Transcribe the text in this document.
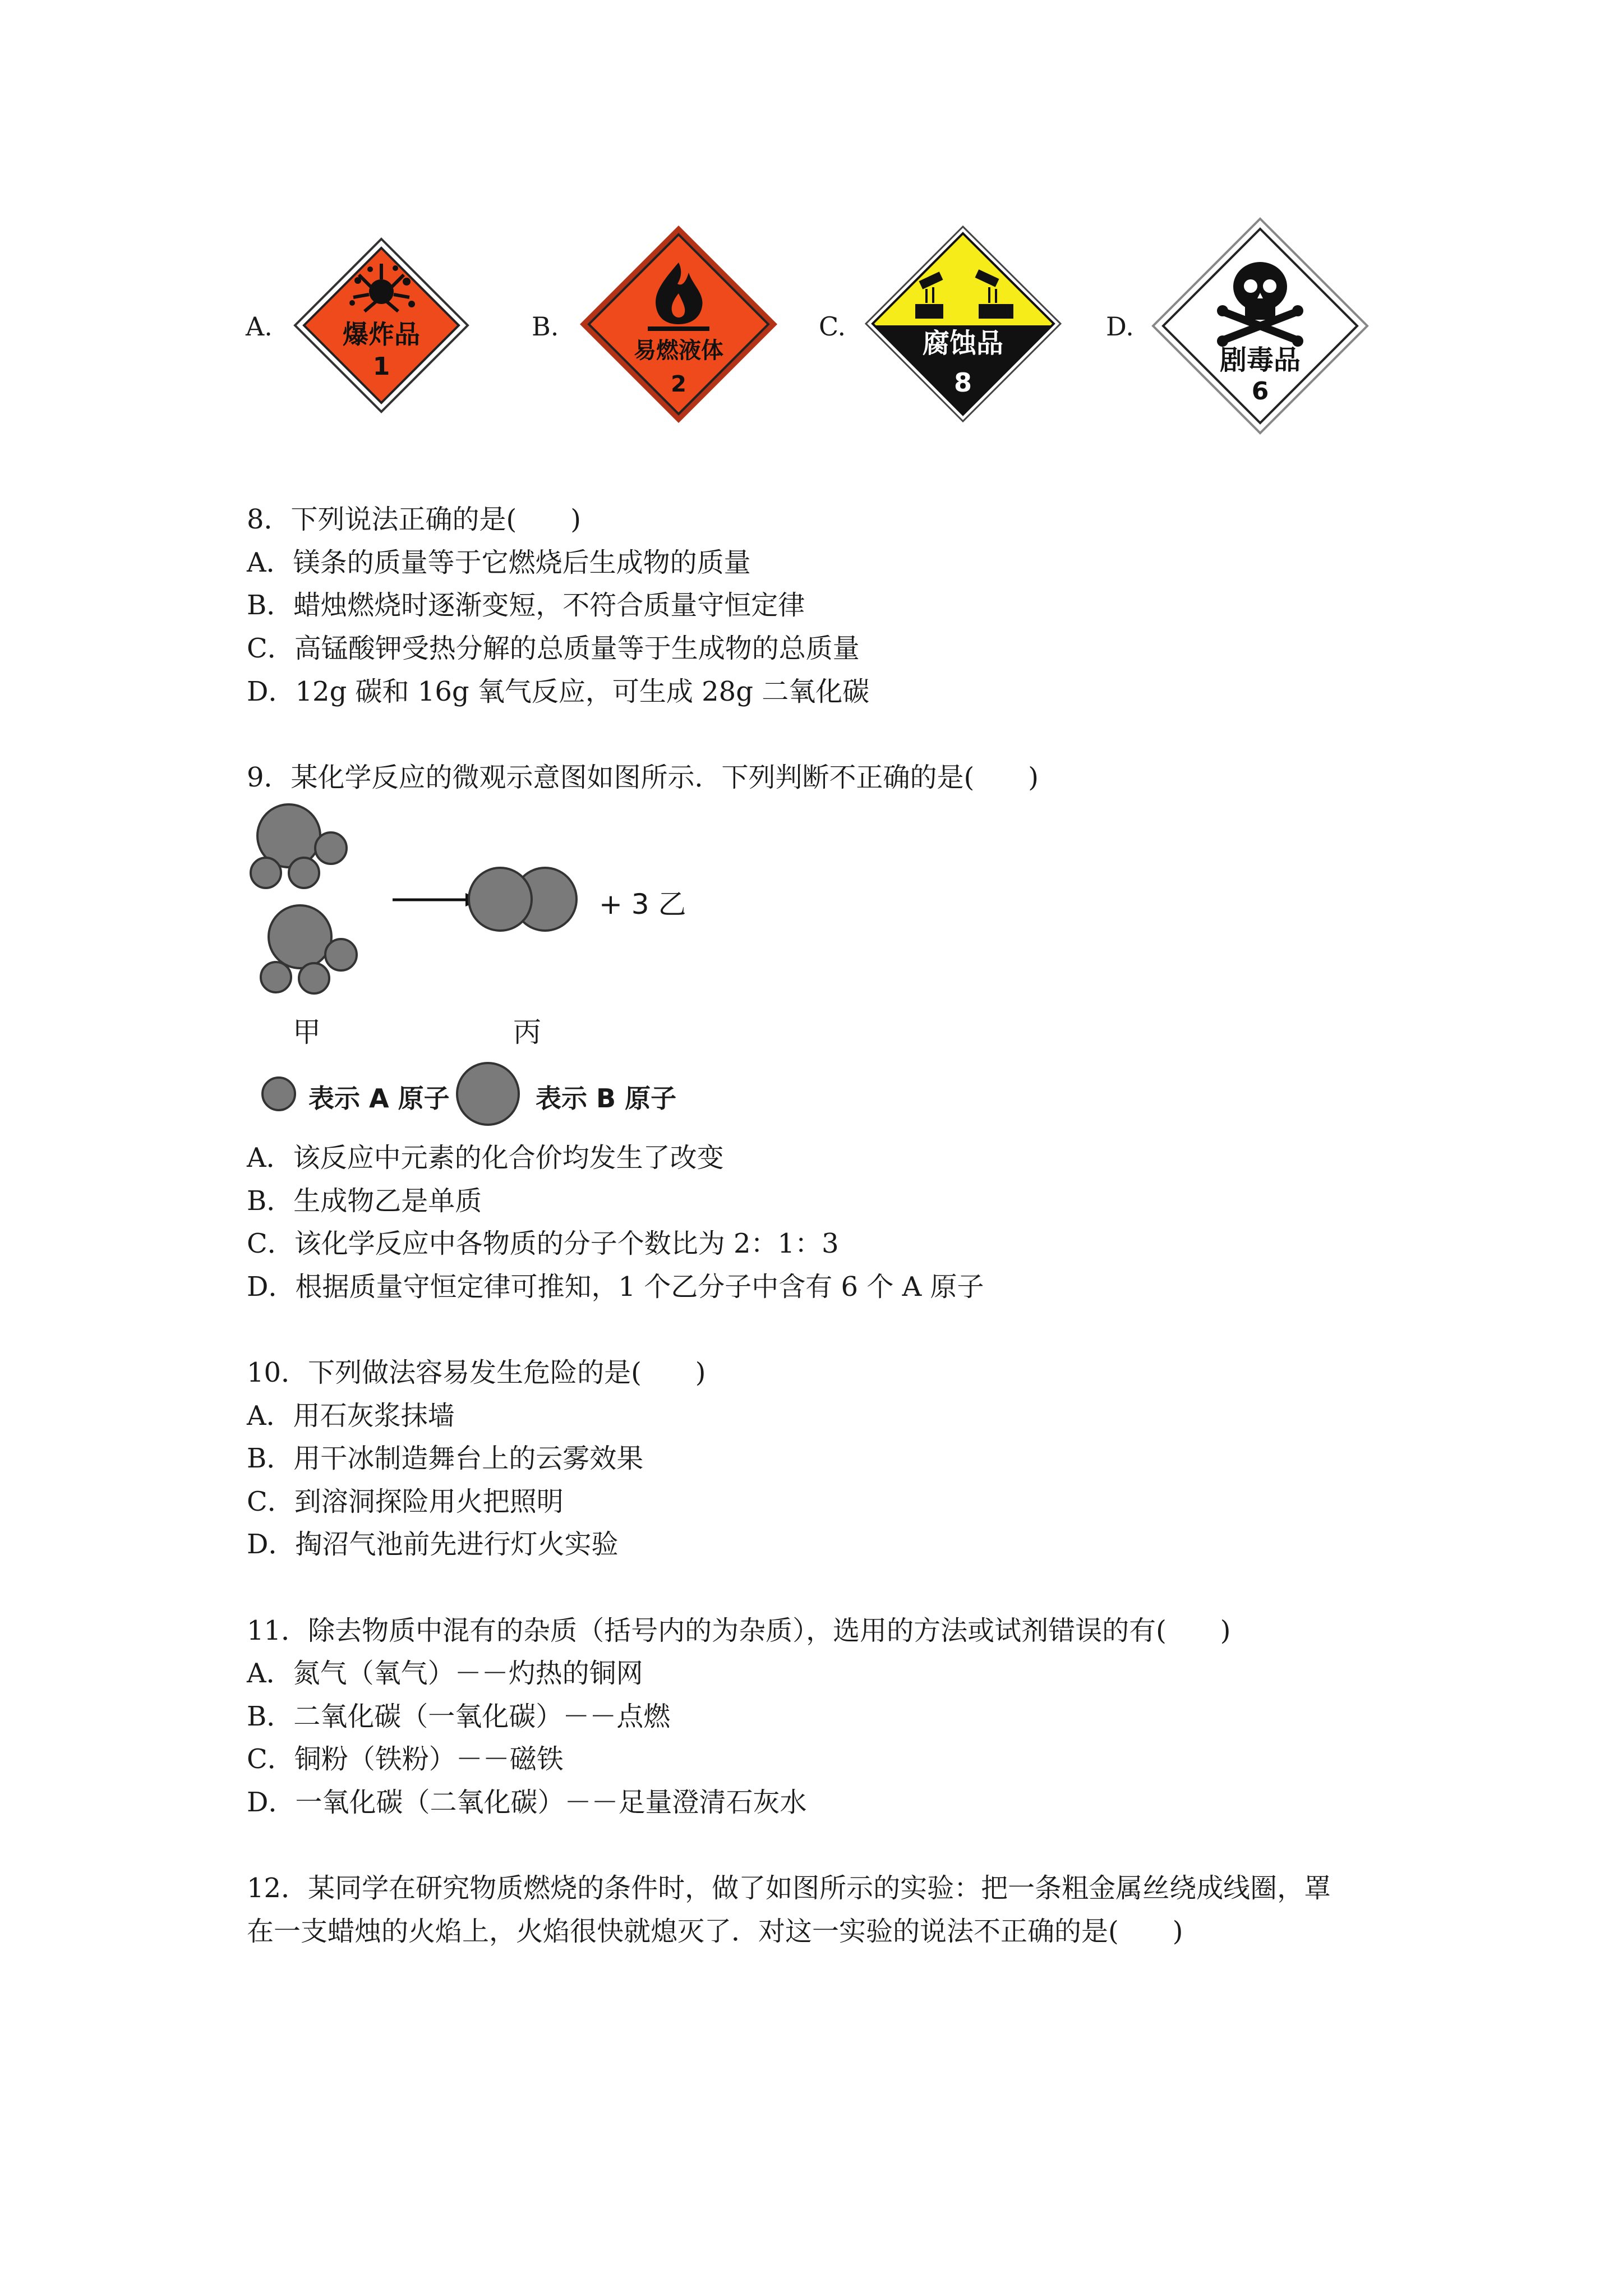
A.	B.	C.	D.
爆炸品
1
易燃液体
2
腐蚀品
8
剧毒品
6
8．下列说法正确的是(　　)
A．镁条的质量等于它燃烧后生成物的质量
B．蜡烛燃烧时逐渐变短，不符合质量守恒定律
C．高锰酸钾受热分解的总质量等于生成物的总质量
D．12g 碳和 16g 氧气反应，可生成 28g 二氧化碳
9．某化学反应的微观示意图如图所示．下列判断不正确的是(　　)
+ 3 乙
甲	丙
表示 A 原子	表示 B 原子
A．该反应中元素的化合价均发生了改变
B．生成物乙是单质
C．该化学反应中各物质的分子个数比为 2：1：3
D．根据质量守恒定律可推知，1 个乙分子中含有 6 个 A 原子
10．下列做法容易发生危险的是(　　)
A．用石灰浆抹墙
B．用干冰制造舞台上的云雾效果
C．到溶洞探险用火把照明
D．掏沼气池前先进行灯火实验
11．除去物质中混有的杂质（括号内的为杂质），选用的方法或试剂错误的有(　　)
A．氮气（氧气）－－灼热的铜网
B．二氧化碳（一氧化碳）－－点燃
C．铜粉（铁粉）－－磁铁
D．一氧化碳（二氧化碳）－－足量澄清石灰水
12．某同学在研究物质燃烧的条件时，做了如图所示的实验：把一条粗金属丝绕成线圈，罩
在一支蜡烛的火焰上，火焰很快就熄灭了．对这一实验的说法不正确的是(　　)
